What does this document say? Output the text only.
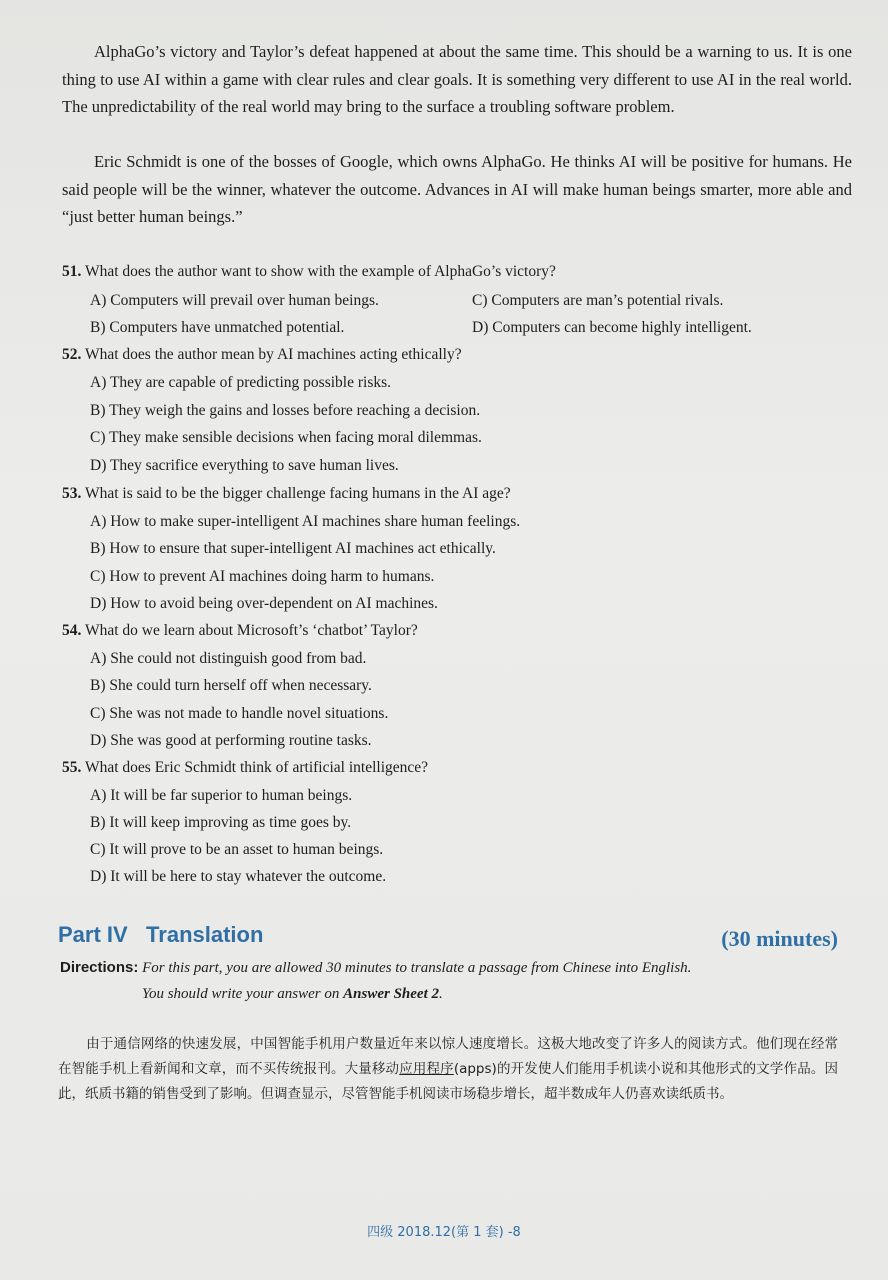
AlphaGo’s victory and Taylor’s defeat happened at about the same time. This should be a warning to us. It is one thing to use AI within a game with clear rules and clear goals. It is something very different to use AI in the real world. The unpredictability of the real world may bring to the surface a troubling software problem.

Eric Schmidt is one of the bosses of Google, which owns AlphaGo. He thinks AI will be positive for humans. He said people will be the winner, whatever the outcome. Advances in AI will make human beings smarter, more able and “just better human beings.”

51. What does the author want to show with the example of AlphaGo’s victory?

A) Computers will prevail over human beings.	C) Computers are man’s potential rivals.
B) Computers have unmatched potential.	D) Computers can become highly intelligent.

52. What does the author mean by AI machines acting ethically?

A) They are capable of predicting possible risks.
B) They weigh the gains and losses before reaching a decision.
C) They make sensible decisions when facing moral dilemmas.
D) They sacrifice everything to save human lives.

53. What is said to be the bigger challenge facing humans in the AI age?

A) How to make super-intelligent AI machines share human feelings.
B) How to ensure that super-intelligent AI machines act ethically.
C) How to prevent AI machines doing harm to humans.
D) How to avoid being over-dependent on AI machines.

54. What do we learn about Microsoft’s ‘chatbot’ Taylor?

A) She could not distinguish good from bad.
B) She could turn herself off when necessary.
C) She was not made to handle novel situations.
D) She was good at performing routine tasks.

55. What does Eric Schmidt think of artificial intelligence?

A) It will be far superior to human beings.
B) It will keep improving as time goes by.
C) It will prove to be an asset to human beings.
D) It will be here to stay whatever the outcome.
Part IV Translation	(30 minutes)
Directions: For this part, you are allowed 30 minutes to translate a passage from Chinese into English.
You should write your answer on Answer Sheet 2.
由于通信网络的快速发展，中国智能手机用户数量近年来以惊人速度增长。这极大地改变了许多人的阅读方式。他们现在经常在智能手机上看新闻和文章，而不买传统报刊。大量移动应用程序(apps)的开发使人们能用手机读小说和其他形式的文学作品。因此，纸质书籍的销售受到了影响。但调查显示，尽管智能手机阅读市场稳步增长，超半数成年人仍喜欢读纸质书。
四级 2018.12(第 1 套) -8
